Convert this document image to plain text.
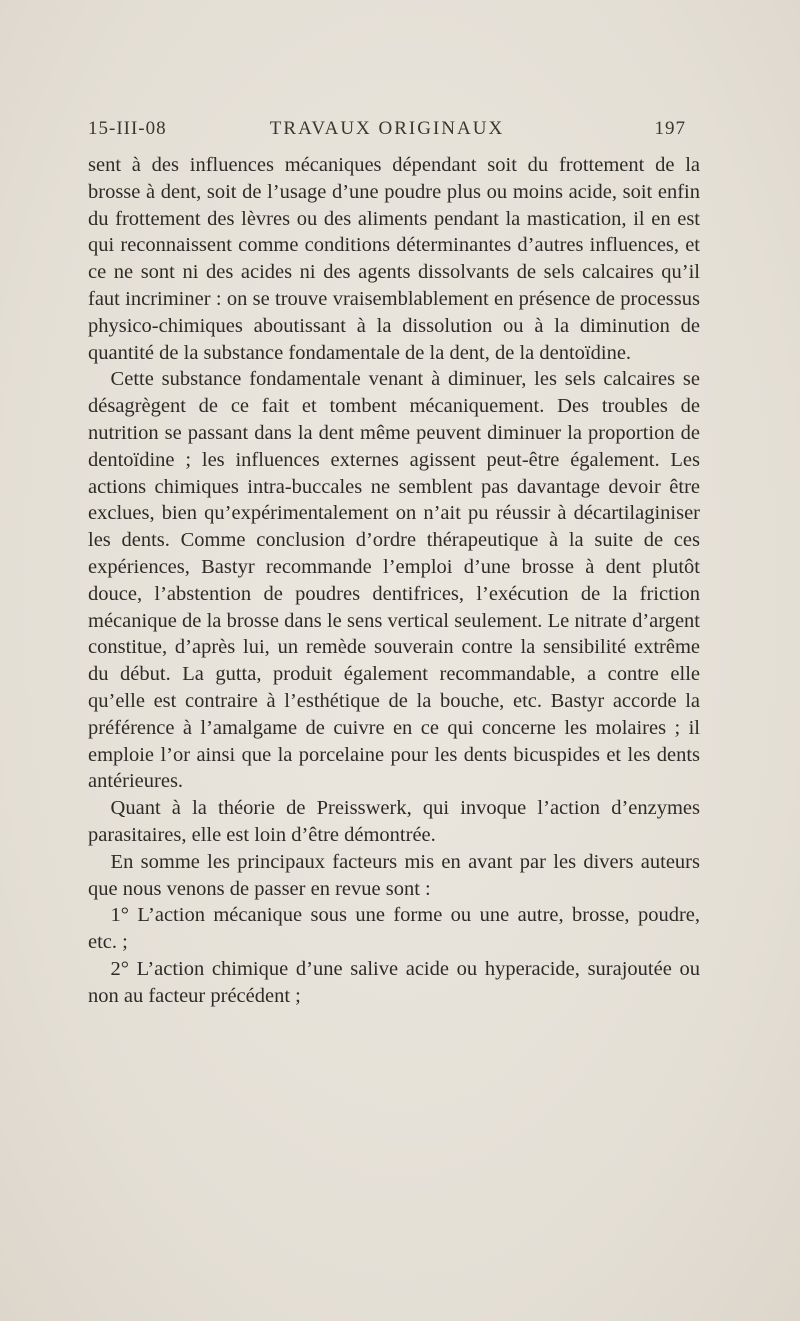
15-III-08	TRAVAUX ORIGINAUX	197

sent à des influences mécaniques dépendant soit du frottement de la brosse à dent, soit de l’usage d’une poudre plus ou moins acide, soit enfin du frottement des lèvres ou des aliments pendant la mastication, il en est qui reconnaissent comme conditions déterminantes d’autres influences, et ce ne sont ni des acides ni des agents dissolvants de sels calcaires qu’il faut incriminer : on se trouve vraisemblablement en présence de processus physico-chimiques aboutissant à la dissolution ou à la diminution de quantité de la substance fondamentale de la dent, de la dentoïdine.

Cette substance fondamentale venant à diminuer, les sels calcaires se désagrègent de ce fait et tombent mécaniquement. Des troubles de nutrition se passant dans la dent même peuvent diminuer la proportion de dentoïdine ; les influences externes agissent peut-être également. Les actions chimiques intra-buccales ne semblent pas davantage devoir être exclues, bien qu’expérimentalement on n’ait pu réussir à décartilaginiser les dents. Comme conclusion d’ordre thérapeutique à la suite de ces expériences, Bastyr recommande l’emploi d’une brosse à dent plutôt douce, l’abstention de poudres dentifrices, l’exécution de la friction mécanique de la brosse dans le sens vertical seulement. Le nitrate d’argent constitue, d’après lui, un remède souverain contre la sensibilité extrême du début. La gutta, produit également recommandable, a contre elle qu’elle est contraire à l’esthétique de la bouche, etc. Bastyr accorde la préférence à l’amalgame de cuivre en ce qui concerne les molaires ; il emploie l’or ainsi que la porcelaine pour les dents bicuspides et les dents antérieures.

Quant à la théorie de Preisswerk, qui invoque l’action d’enzymes parasitaires, elle est loin d’être démontrée.

En somme les principaux facteurs mis en avant par les divers auteurs que nous venons de passer en revue sont :

1° L’action mécanique sous une forme ou une autre, brosse, poudre, etc. ;

2° L’action chimique d’une salive acide ou hyperacide, surajoutée ou non au facteur précédent ;
